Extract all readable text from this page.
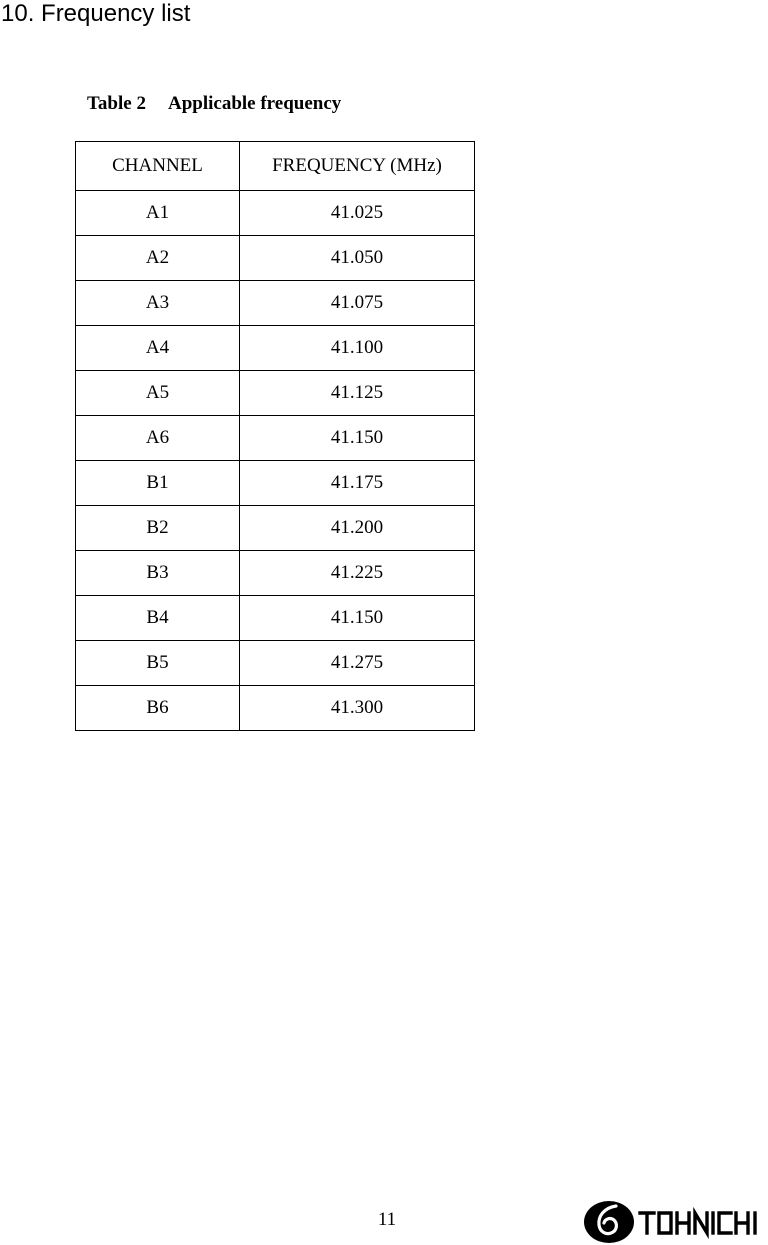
10. Frequency list
Table 2 Applicable frequency
CHANNEL	FREQUENCY (MHz)
A1	41.025
A2	41.050
A3	41.075
A4	41.100
A5	41.125
A6	41.150
B1	41.175
B2	41.200
B3	41.225
B4	41.150
B5	41.275
B6	41.300
11
